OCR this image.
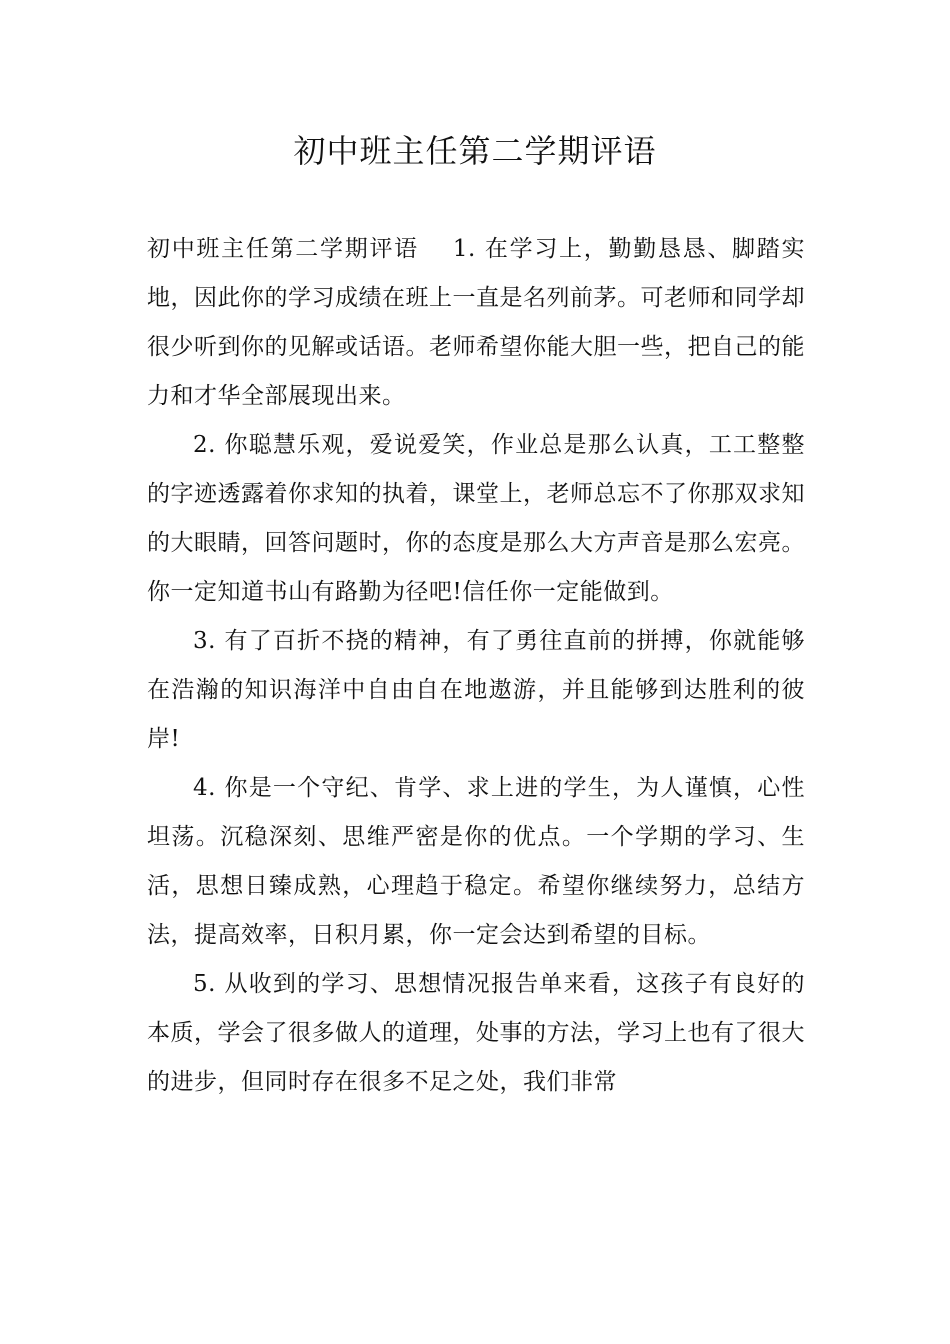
初中班主任第二学期评语

初中班主任第二学期评语 1. 在学习上，勤勤恳恳、脚踏实地，因此你的学习成绩在班上一直是名列前茅。可老师和同学却很少听到你的见解或话语。老师希望你能大胆一些，把自己的能力和才华全部展现出来。

2. 你聪慧乐观，爱说爱笑，作业总是那么认真，工工整整的字迹透露着你求知的执着，课堂上，老师总忘不了你那双求知的大眼睛，回答问题时，你的态度是那么大方声音是那么宏亮。你一定知道书山有路勤为径吧!信任你一定能做到。

3. 有了百折不挠的精神，有了勇往直前的拼搏，你就能够在浩瀚的知识海洋中自由自在地遨游，并且能够到达胜利的彼岸!

4. 你是一个守纪、肯学、求上进的学生，为人谨慎，心性坦荡。沉稳深刻、思维严密是你的优点。一个学期的学习、生活，思想日臻成熟，心理趋于稳定。希望你继续努力，总结方法，提高效率，日积月累，你一定会达到希望的目标。

5. 从收到的学习、思想情况报告单来看，这孩子有良好的本质，学会了很多做人的道理，处事的方法，学习上也有了很大的进步，但同时存在很多不足之处，我们非常
